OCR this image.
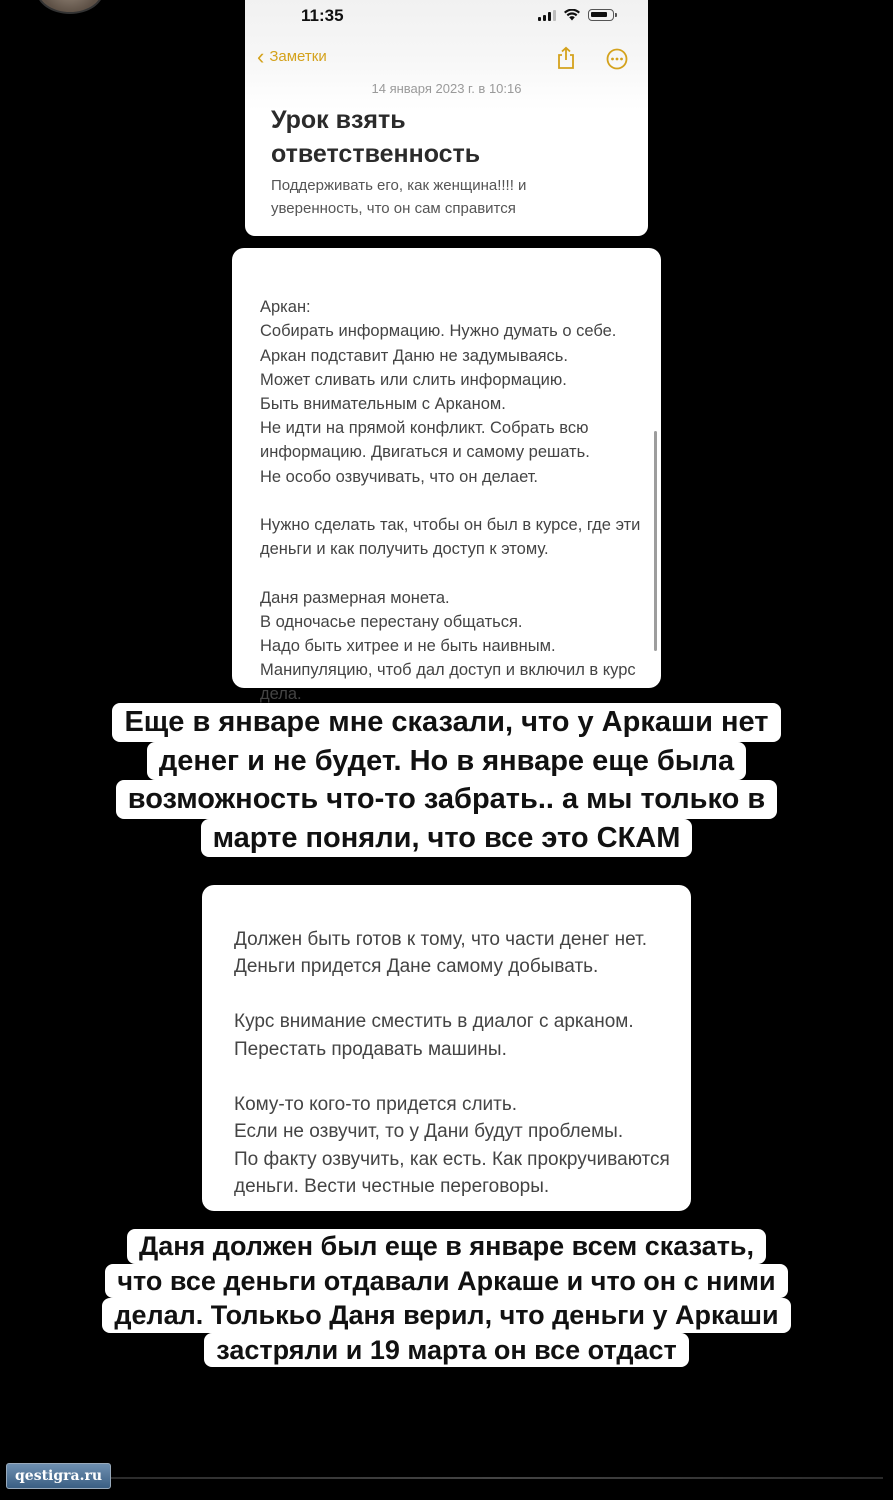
11:35
‹ Заметки
14 января 2023 г. в 10:16
Урок взять ответственность
Поддерживать его, как женщина!!!! и уверенность, что он сам справится

Аркан:
Собирать информацию. Нужно думать о себе. Аркан подставит Даню не задумываясь.
Может сливать или слить информацию.
Быть внимательным с Арканом.
Не идти на прямой конфликт. Собрать всю информацию. Двигаться и самому решать.
Не особо озвучивать, что он делает.

Нужно сделать так, чтобы он был в курсе, где эти деньги и как получить доступ к этому.

Даня размерная монета.
В одночасье перестану общаться.
Надо быть хитрее и не быть наивным.
Манипуляцию, чтоб дал доступ и включил в курс дела.

Еще в январе мне сказали, что у Аркаши нет
денег и не будет. Но в январе еще была
возможность что-то забрать.. а мы только в
марте поняли, что все это СКАМ

Должен быть готов к тому, что части денег нет. Деньги придется Дане самому добывать.

Курс внимание сместить в диалог с арканом.
Перестать продавать машины.

Кому-то кого-то придется слить.
Если не озвучит, то у Дани будут проблемы.
По факту озвучить, как есть. Как прокручиваются деньги. Вести честные переговоры.

Даня должен был еще в январе всем сказать,
что все деньги отдавали Аркаше и что он с ними
делал. Толькьо Даня верил, что деньги у Аркаши
застряли и 19 марта он все отдаст
qestigra.ru
